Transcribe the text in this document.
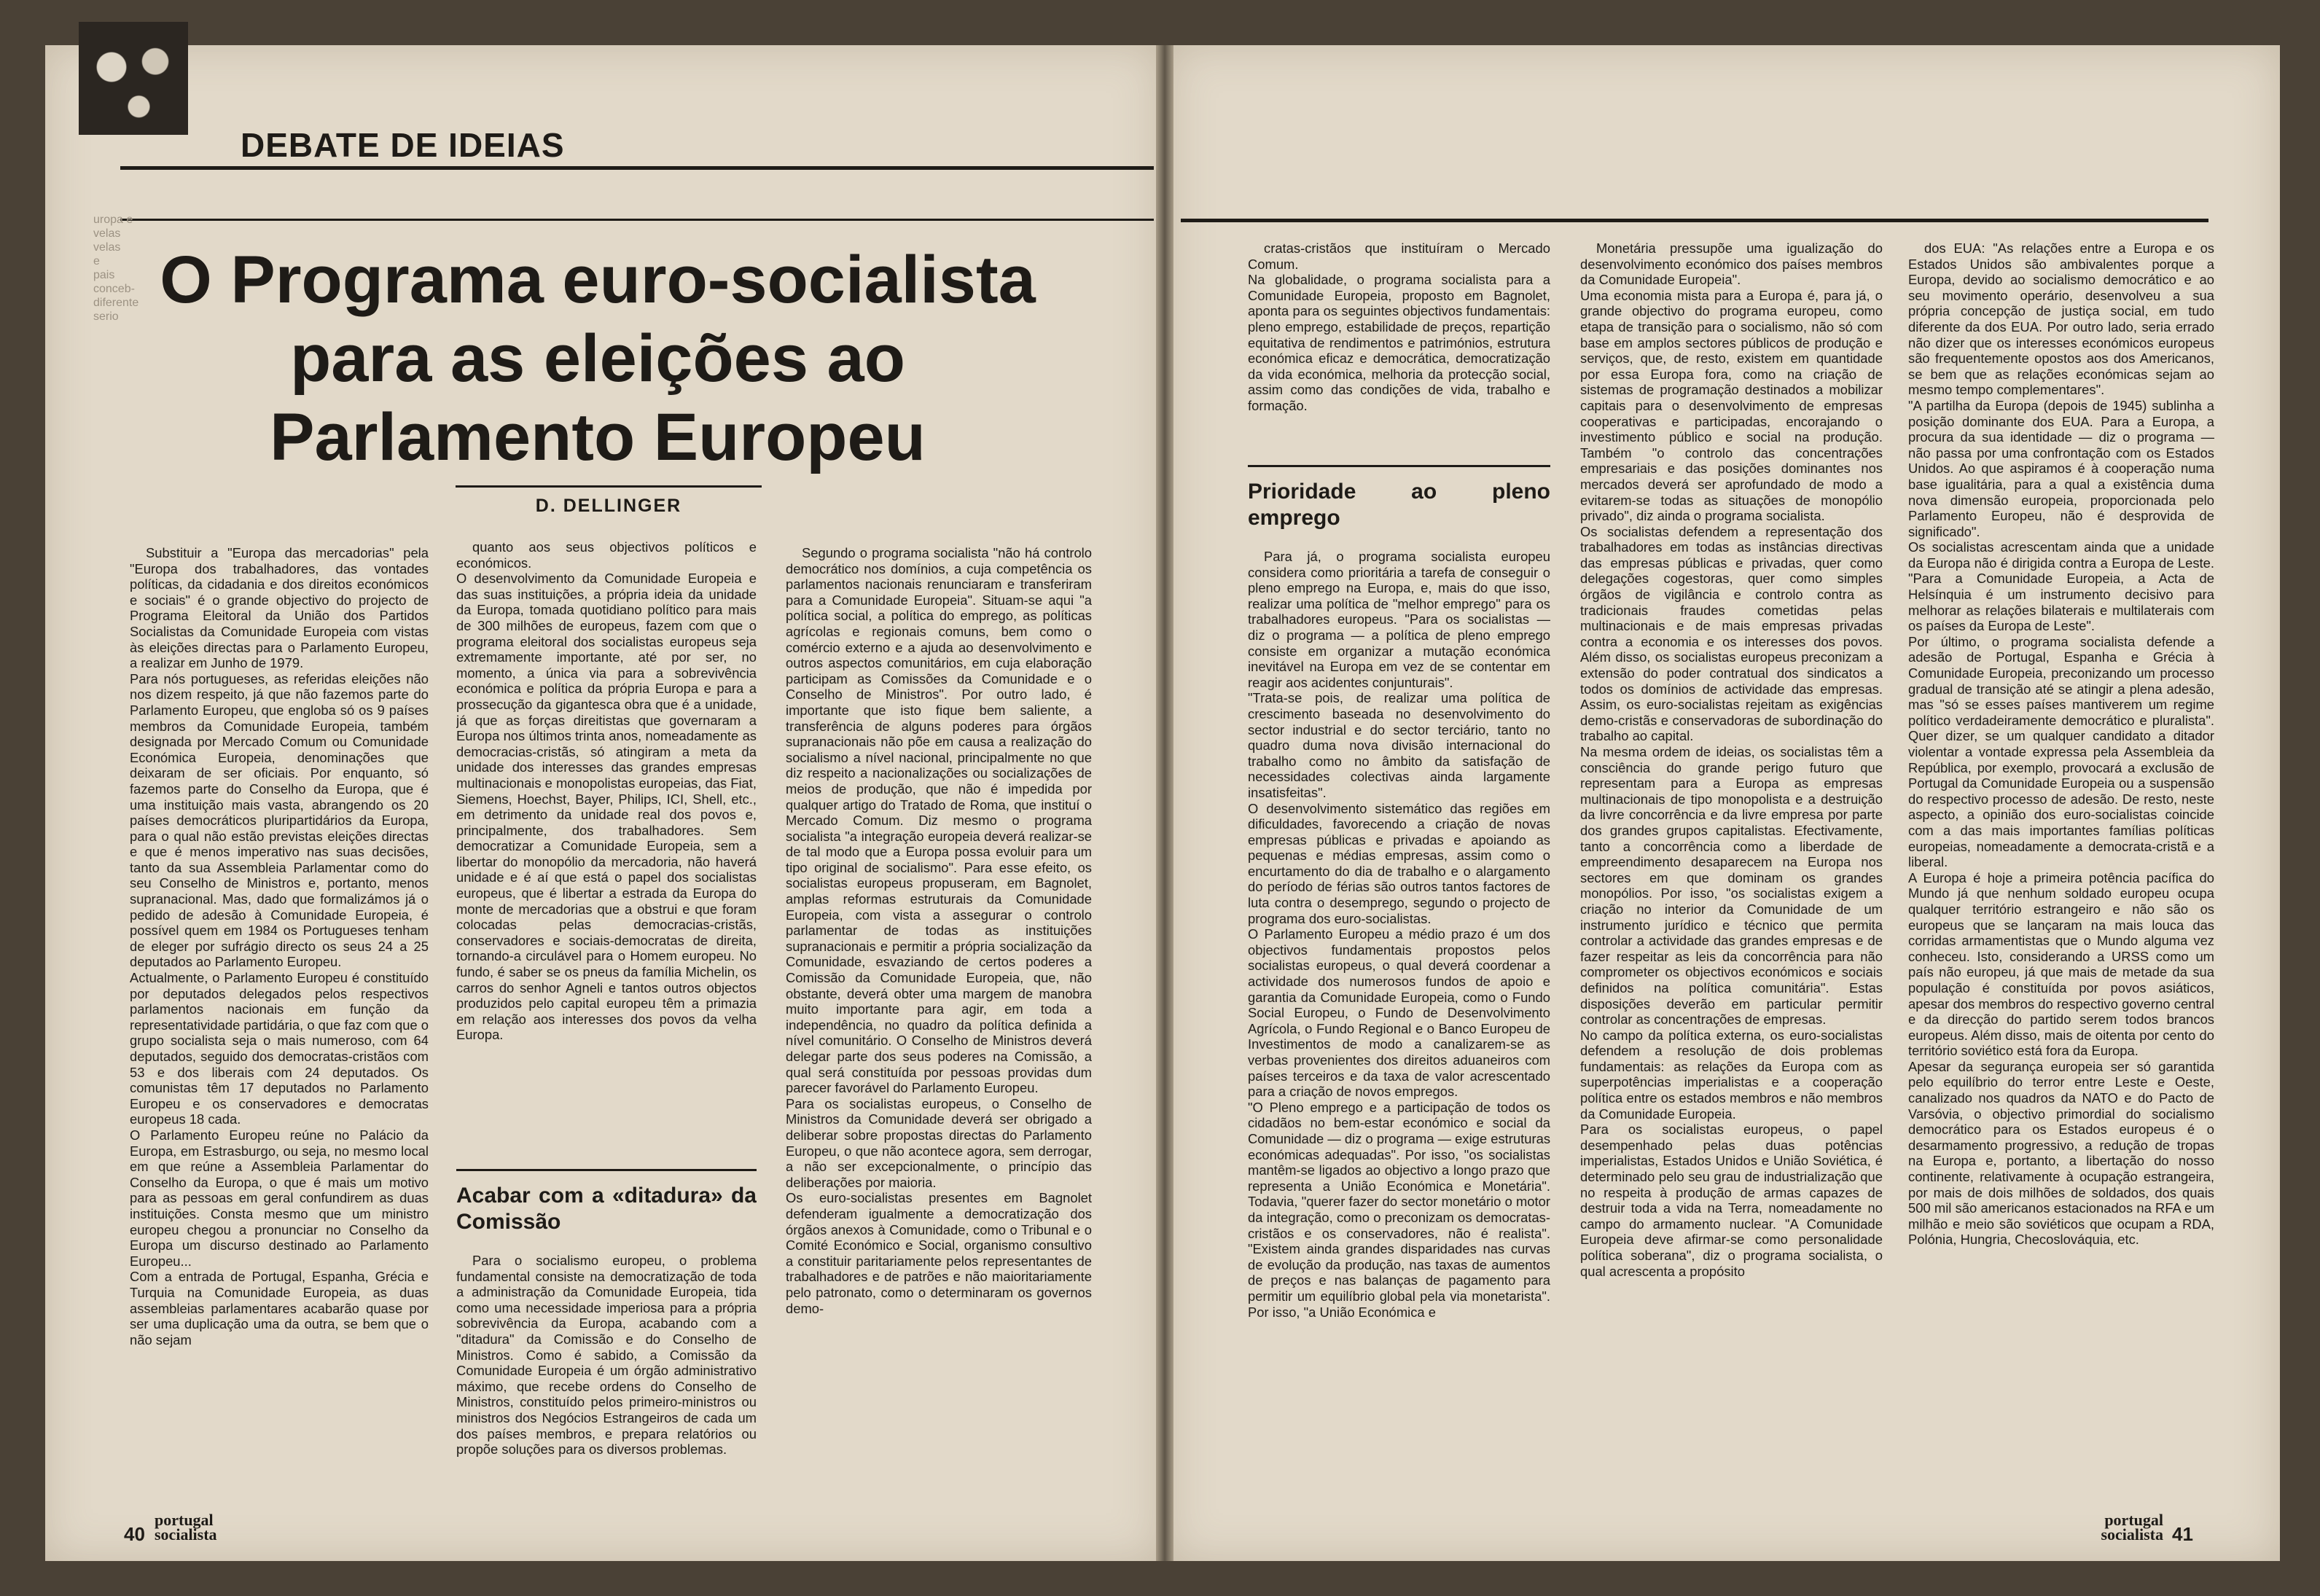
DEBATE DE IDEIAS
uropa e
velas
velas
e
pais
conceb-
diferente
serio O Programa euro-socialista para as eleições ao Parlamento Europeu
D. DELLINGER
Substituir a "Europa das mercadorias" pela "Europa dos trabalhadores, das vontades políticas, da cidadania e dos direitos económicos e sociais" é o grande objectivo do projecto de Programa Eleitoral da União dos Partidos Socialistas da Comunidade Europeia com vistas às eleições directas para o Parlamento Europeu, a realizar em Junho de 1979.
Para nós portugueses, as referidas eleições não nos dizem respeito, já que não fazemos parte do Parlamento Europeu, que engloba só os 9 países membros da Comunidade Europeia, também designada por Mercado Comum ou Comunidade Económica Europeia, denominações que deixaram de ser oficiais. Por enquanto, só fazemos parte do Conselho da Europa, que é uma instituição mais vasta, abrangendo os 20 países democráticos pluripartidários da Europa, para o qual não estão previstas eleições directas e que é menos imperativo nas suas decisões, tanto da sua Assembleia Parlamentar como do seu Conselho de Ministros e, portanto, menos supranacional. Mas, dado que formalizámos já o pedido de adesão à Comunidade Europeia, é possível quem em 1984 os Portugueses tenham de eleger por sufrágio directo os seus 24 a 25 deputados ao Parlamento Europeu.
Actualmente, o Parlamento Europeu é constituído por deputados delegados pelos respectivos parlamentos nacionais em função da representatividade partidária, o que faz com que o grupo socialista seja o mais numeroso, com 64 deputados, seguido dos democratas-cristãos com 53 e dos liberais com 24 deputados. Os comunistas têm 17 deputados no Parlamento Europeu e os conservadores e democratas europeus 18 cada.
O Parlamento Europeu reúne no Palácio da Europa, em Estrasburgo, ou seja, no mesmo local em que reúne a Assembleia Parlamentar do Conselho da Europa, o que é mais um motivo para as pessoas em geral confundirem as duas instituições. Consta mesmo que um ministro europeu chegou a pronunciar no Conselho da Europa um discurso destinado ao Parlamento Europeu...
Com a entrada de Portugal, Espanha, Grécia e Turquia na Comunidade Europeia, as duas assembleias parlamentares acabarão quase por ser uma duplicação uma da outra, se bem que o não sejam
quanto aos seus objectivos políticos e económicos.
O desenvolvimento da Comunidade Europeia e das suas instituições, a própria ideia da unidade da Europa, tomada quotidiano político para mais de 300 milhões de europeus, fazem com que o programa eleitoral dos socialistas europeus seja extremamente importante, até por ser, no momento, a única via para a sobrevivência económica e política da própria Europa e para a prossecução da gigantesca obra que é a unidade, já que as forças direitistas que governaram a Europa nos últimos trinta anos, nomeadamente as democracias-cristãs, só atingiram a meta da unidade dos interesses das grandes empresas multinacionais e monopolistas europeias, das Fiat, Siemens, Hoechst, Bayer, Philips, ICI, Shell, etc., em detrimento da unidade real dos povos e, principalmente, dos trabalhadores. Sem democratizar a Comunidade Europeia, sem a libertar do monopólio da mercadoria, não haverá unidade e é aí que está o papel dos socialistas europeus, que é libertar a estrada da Europa do monte de mercadorias que a obstrui e que foram colocadas pelas democracias-cristãs, conservadores e sociais-democratas de direita, tornando-a circulável para o Homem europeu. No fundo, é saber se os pneus da família Michelin, os carros do senhor Agneli e tantos outros objectos produzidos pelo capital europeu têm a primazia em relação aos interesses dos povos da velha Europa.
Acabar com a «ditadura» da Comissão
Para o socialismo europeu, o problema fundamental consiste na democratização de toda a administração da Comunidade Europeia, tida como uma necessidade imperiosa para a própria sobrevivência da Europa, acabando com a "ditadura" da Comissão e do Conselho de Ministros. Como é sabido, a Comissão da Comunidade Europeia é um órgão administrativo máximo, que recebe ordens do Conselho de Ministros, constituído pelos primeiro-ministros ou ministros dos Negócios Estrangeiros de cada um dos países membros, e prepara relatórios ou propõe soluções para os diversos problemas.
Segundo o programa socialista "não há controlo democrático nos domínios, a cuja competência os parlamentos nacionais renunciaram e transferiram para a Comunidade Europeia". Situam-se aqui "a política social, a política do emprego, as políticas agrícolas e regionais comuns, bem como o comércio externo e a ajuda ao desenvolvimento e outros aspectos comunitários, em cuja elaboração participam as Comissões da Comunidade e o Conselho de Ministros". Por outro lado, é importante que isto fique bem saliente, a transferência de alguns poderes para órgãos supranacionais não põe em causa a realização do socialismo a nível nacional, principalmente no que diz respeito a nacionalizações ou socializações de meios de produção, que não é impedida por qualquer artigo do Tratado de Roma, que instituí o Mercado Comum. Diz mesmo o programa socialista "a integração europeia deverá realizar-se de tal modo que a Europa possa evoluir para um tipo original de socialismo". Para esse efeito, os socialistas europeus propuseram, em Bagnolet, amplas reformas estruturais da Comunidade Europeia, com vista a assegurar o controlo parlamentar de todas as instituições supranacionais e permitir a própria socialização da Comunidade, esvaziando de certos poderes a Comissão da Comunidade Europeia, que, não obstante, deverá obter uma margem de manobra muito importante para agir, em toda a independência, no quadro da política definida a nível comunitário. O Conselho de Ministros deverá delegar parte dos seus poderes na Comissão, a qual será constituída por pessoas providas dum parecer favorável do Parlamento Europeu.
Para os socialistas europeus, o Conselho de Ministros da Comunidade deverá ser obrigado a deliberar sobre propostas directas do Parlamento Europeu, o que não acontece agora, sem derrogar, a não ser excepcionalmente, o princípio das deliberações por maioria.
Os euro-socialistas presentes em Bagnolet defenderam igualmente a democratização dos órgãos anexos à Comunidade, como o Tribunal e o Comité Económico e Social, organismo consultivo a constituir paritariamente pelos representantes de trabalhadores e de patrões e não maioritariamente pelo patronato, como o determinaram os governos demo-
cratas-cristãos que instituíram o Mercado Comum.
Na globalidade, o programa socialista para a Comunidade Europeia, proposto em Bagnolet, aponta para os seguintes objectivos fundamentais: pleno emprego, estabilidade de preços, repartição equitativa de rendimentos e patrimónios, estrutura económica eficaz e democrática, democratização da vida económica, melhoria da protecção social, assim como das condições de vida, trabalho e formação.
Prioridade ao pleno emprego
Para já, o programa socialista europeu considera como prioritária a tarefa de conseguir o pleno emprego na Europa, e, mais do que isso, realizar uma política de "melhor emprego" para os trabalhadores europeus. "Para os socialistas — diz o programa — a política de pleno emprego consiste em organizar a mutação económica inevitável na Europa em vez de se contentar em reagir aos acidentes conjunturais".
"Trata-se pois, de realizar uma política de crescimento baseada no desenvolvimento do sector industrial e do sector terciário, tanto no quadro duma nova divisão internacional do trabalho como no âmbito da satisfação de necessidades colectivas ainda largamente insatisfeitas".
O desenvolvimento sistemático das regiões em dificuldades, favorecendo a criação de novas empresas públicas e privadas e apoiando as pequenas e médias empresas, assim como o encurtamento do dia de trabalho e o alargamento do período de férias são outros tantos factores de luta contra o desemprego, segundo o projecto de programa dos euro-socialistas.
O Parlamento Europeu a médio prazo é um dos objectivos fundamentais propostos pelos socialistas europeus, o qual deverá coordenar a actividade dos numerosos fundos de apoio e garantia da Comunidade Europeia, como o Fundo Social Europeu, o Fundo de Desenvolvimento Agrícola, o Fundo Regional e o Banco Europeu de Investimentos de modo a canalizarem-se as verbas provenientes dos direitos aduaneiros com países terceiros e da taxa de valor acrescentado para a criação de novos empregos.
"O Pleno emprego e a participação de todos os cidadãos no bem-estar económico e social da Comunidade — diz o programa — exige estruturas económicas adequadas". Por isso, "os socialistas mantêm-se ligados ao objectivo a longo prazo que representa a União Económica e Monetária". Todavia, "querer fazer do sector monetário o motor da integração, como o preconizam os democratas-cristãos e os conservadores, não é realista". "Existem ainda grandes disparidades nas curvas de evolução da produção, nas taxas de aumentos de preços e nas balanças de pagamento para permitir um equilíbrio global pela via monetarista". Por isso, "a União Económica e
Monetária pressupõe uma igualização do desenvolvimento económico dos países membros da Comunidade Europeia".
Uma economia mista para a Europa é, para já, o grande objectivo do programa europeu, como etapa de transição para o socialismo, não só com base em amplos sectores públicos de produção e serviços, que, de resto, existem em quantidade por essa Europa fora, como na criação de sistemas de programação destinados a mobilizar capitais para o desenvolvimento de empresas cooperativas e participadas, encorajando o investimento público e social na produção. Também "o controlo das concentrações empresariais e das posições dominantes nos mercados deverá ser aprofundado de modo a evitarem-se todas as situações de monopólio privado", diz ainda o programa socialista.
Os socialistas defendem a representação dos trabalhadores em todas as instâncias directivas das empresas públicas e privadas, quer como delegações cogestoras, quer como simples órgãos de vigilância e controlo contra as tradicionais fraudes cometidas pelas multinacionais e de mais empresas privadas contra a economia e os interesses dos povos. Além disso, os socialistas europeus preconizam a extensão do poder contratual dos sindicatos a todos os domínios de actividade das empresas. Assim, os euro-socialistas rejeitam as exigências demo-cristãs e conservadoras de subordinação do trabalho ao capital.
Na mesma ordem de ideias, os socialistas têm a consciência do grande perigo futuro que representam para a Europa as empresas multinacionais de tipo monopolista e a destruição da livre concorrência e da livre empresa por parte dos grandes grupos capitalistas. Efectivamente, tanto a concorrência como a liberdade de empreendimento desaparecem na Europa nos sectores em que dominam os grandes monopólios. Por isso, "os socialistas exigem a criação no interior da Comunidade de um instrumento jurídico e técnico que permita controlar a actividade das grandes empresas e de fazer respeitar as leis da concorrência para não comprometer os objectivos económicos e sociais definidos na política comunitária". Estas disposições deverão em particular permitir controlar as concentrações de empresas.
No campo da política externa, os euro-socialistas defendem a resolução de dois problemas fundamentais: as relações da Europa com as superpotências imperialistas e a cooperação política entre os estados membros e não membros da Comunidade Europeia.
Para os socialistas europeus, o papel desempenhado pelas duas potências imperialistas, Estados Unidos e União Soviética, é determinado pelo seu grau de industrialização que no respeita à produção de armas capazes de destruir toda a vida na Terra, nomeadamente no campo do armamento nuclear. "A Comunidade Europeia deve afirmar-se como personalidade política soberana", diz o programa socialista, o qual acrescenta a propósito
dos EUA: "As relações entre a Europa e os Estados Unidos são ambivalentes porque a Europa, devido ao socialismo democrático e ao seu movimento operário, desenvolveu a sua própria concepção de justiça social, em tudo diferente da dos EUA. Por outro lado, seria errado não dizer que os interesses económicos europeus são frequentemente opostos aos dos Americanos, se bem que as relações económicas sejam ao mesmo tempo complementares".
"A partilha da Europa (depois de 1945) sublinha a posição dominante dos EUA. Para a Europa, a procura da sua identidade — diz o programa — não passa por uma confrontação com os Estados Unidos. Ao que aspiramos é à cooperação numa base igualitária, para a qual a existência duma nova dimensão europeia, proporcionada pelo Parlamento Europeu, não é desprovida de significado".
Os socialistas acrescentam ainda que a unidade da Europa não é dirigida contra a Europa de Leste. "Para a Comunidade Europeia, a Acta de Helsínquia é um instrumento decisivo para melhorar as relações bilaterais e multilaterais com os países da Europa de Leste".
Por último, o programa socialista defende a adesão de Portugal, Espanha e Grécia à Comunidade Europeia, preconizando um processo gradual de transição até se atingir a plena adesão, mas "só se esses países mantiverem um regime político verdadeiramente democrático e pluralista". Quer dizer, se um qualquer candidato a ditador violentar a vontade expressa pela Assembleia da República, por exemplo, provocará a exclusão de Portugal da Comunidade Europeia ou a suspensão do respectivo processo de adesão. De resto, neste aspecto, a opinião dos euro-socialistas coincide com a das mais importantes famílias políticas europeias, nomeadamente a democrata-cristã e a liberal.
A Europa é hoje a primeira potência pacífica do Mundo já que nenhum soldado europeu ocupa qualquer território estrangeiro e não são os europeus que se lançaram na mais louca das corridas armamentistas que o Mundo alguma vez conheceu. Isto, considerando a URSS como um país não europeu, já que mais de metade da sua população é constituída por povos asiáticos, apesar dos membros do respectivo governo central e da direcção do partido serem todos brancos europeus. Além disso, mais de oitenta por cento do território soviético está fora da Europa.
Apesar da segurança europeia ser só garantida pelo equilíbrio do terror entre Leste e Oeste, canalizado nos quadros da NATO e do Pacto de Varsóvia, o objectivo primordial do socialismo democrático para os Estados europeus é o desarmamento progressivo, a redução de tropas na Europa e, portanto, a libertação do nosso continente, relativamente à ocupação estrangeira, por mais de dois milhões de soldados, dos quais 500 mil são americanos estacionados na RFA e um milhão e meio são soviéticos que ocupam a RDA, Polónia, Hungria, Checoslováquia, etc.
40
portugal socialista
portugal socialista 41
